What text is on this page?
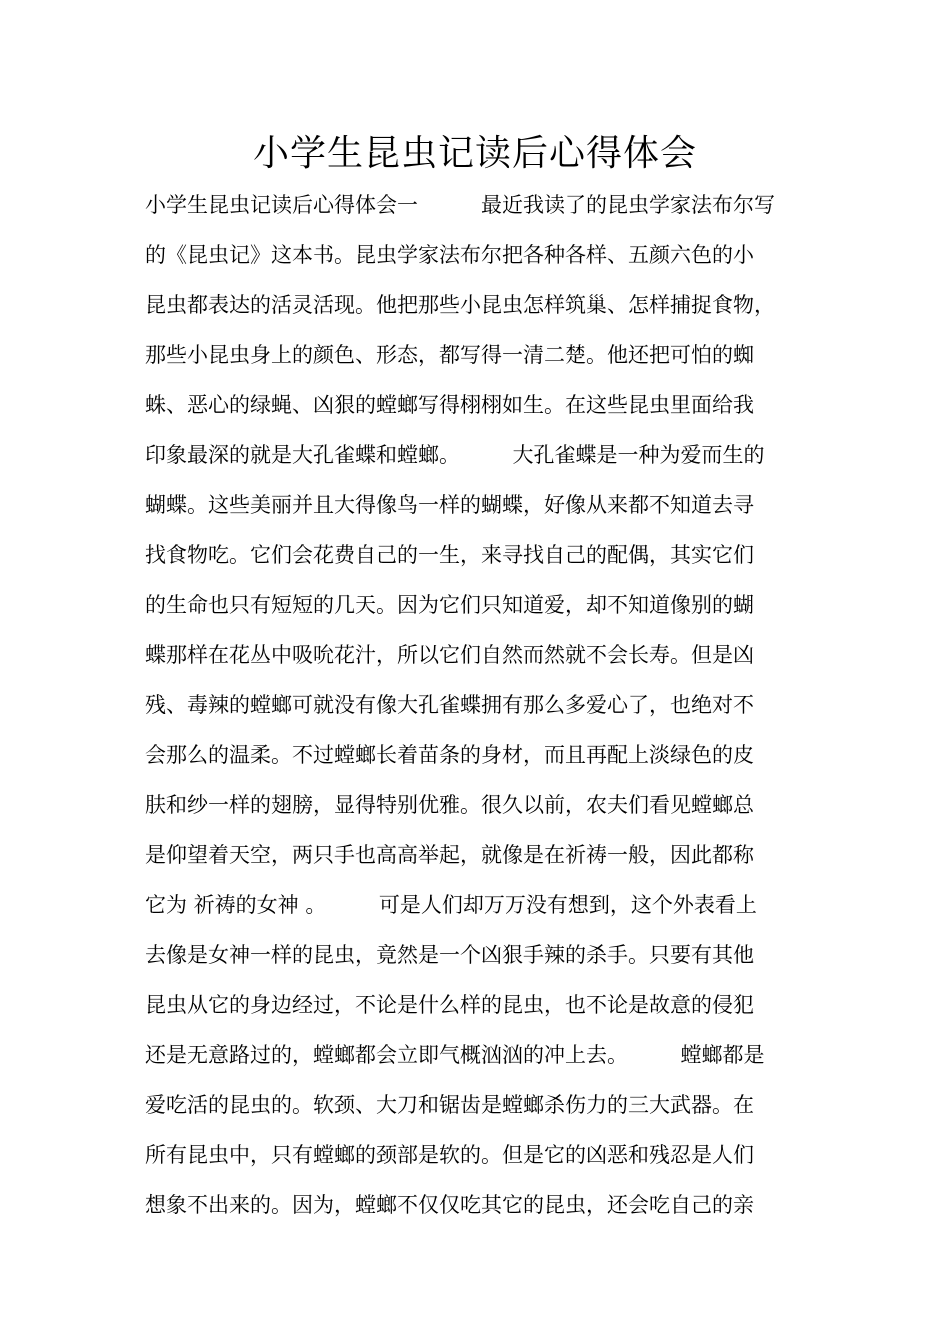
小学生昆虫记读后心得体会
小学生昆虫记读后心得体会一　　　最近我读了的昆虫学家法布尔写
的《昆虫记》这本书。昆虫学家法布尔把各种各样、五颜六色的小
昆虫都表达的活灵活现。他把那些小昆虫怎样筑巢、怎样捕捉食物，
那些小昆虫身上的颜色、形态，都写得一清二楚。他还把可怕的蜘
蛛、恶心的绿蝇、凶狠的螳螂写得栩栩如生。在这些昆虫里面给我
印象最深的就是大孔雀蝶和螳螂。　　　大孔雀蝶是一种为爱而生的
蝴蝶。这些美丽并且大得像鸟一样的蝴蝶，好像从来都不知道去寻
找食物吃。它们会花费自己的一生，来寻找自己的配偶，其实它们
的生命也只有短短的几天。因为它们只知道爱，却不知道像别的蝴
蝶那样在花丛中吸吮花汁，所以它们自然而然就不会长寿。但是凶
残、毒辣的螳螂可就没有像大孔雀蝶拥有那么多爱心了，也绝对不
会那么的温柔。不过螳螂长着苗条的身材，而且再配上淡绿色的皮
肤和纱一样的翅膀，显得特别优雅。很久以前，农夫们看见螳螂总
是仰望着天空，两只手也高高举起，就像是在祈祷一般，因此都称
它为 祈祷的女神 。　　　可是人们却万万没有想到，这个外表看上
去像是女神一样的昆虫，竟然是一个凶狠手辣的杀手。只要有其他
昆虫从它的身边经过，不论是什么样的昆虫，也不论是故意的侵犯
还是无意路过的，螳螂都会立即气概汹汹的冲上去。　　　螳螂都是
爱吃活的昆虫的。软颈、大刀和锯齿是螳螂杀伤力的三大武器。在
所有昆虫中，只有螳螂的颈部是软的。但是它的凶恶和残忍是人们
想象不出来的。因为，螳螂不仅仅吃其它的昆虫，还会吃自己的亲
